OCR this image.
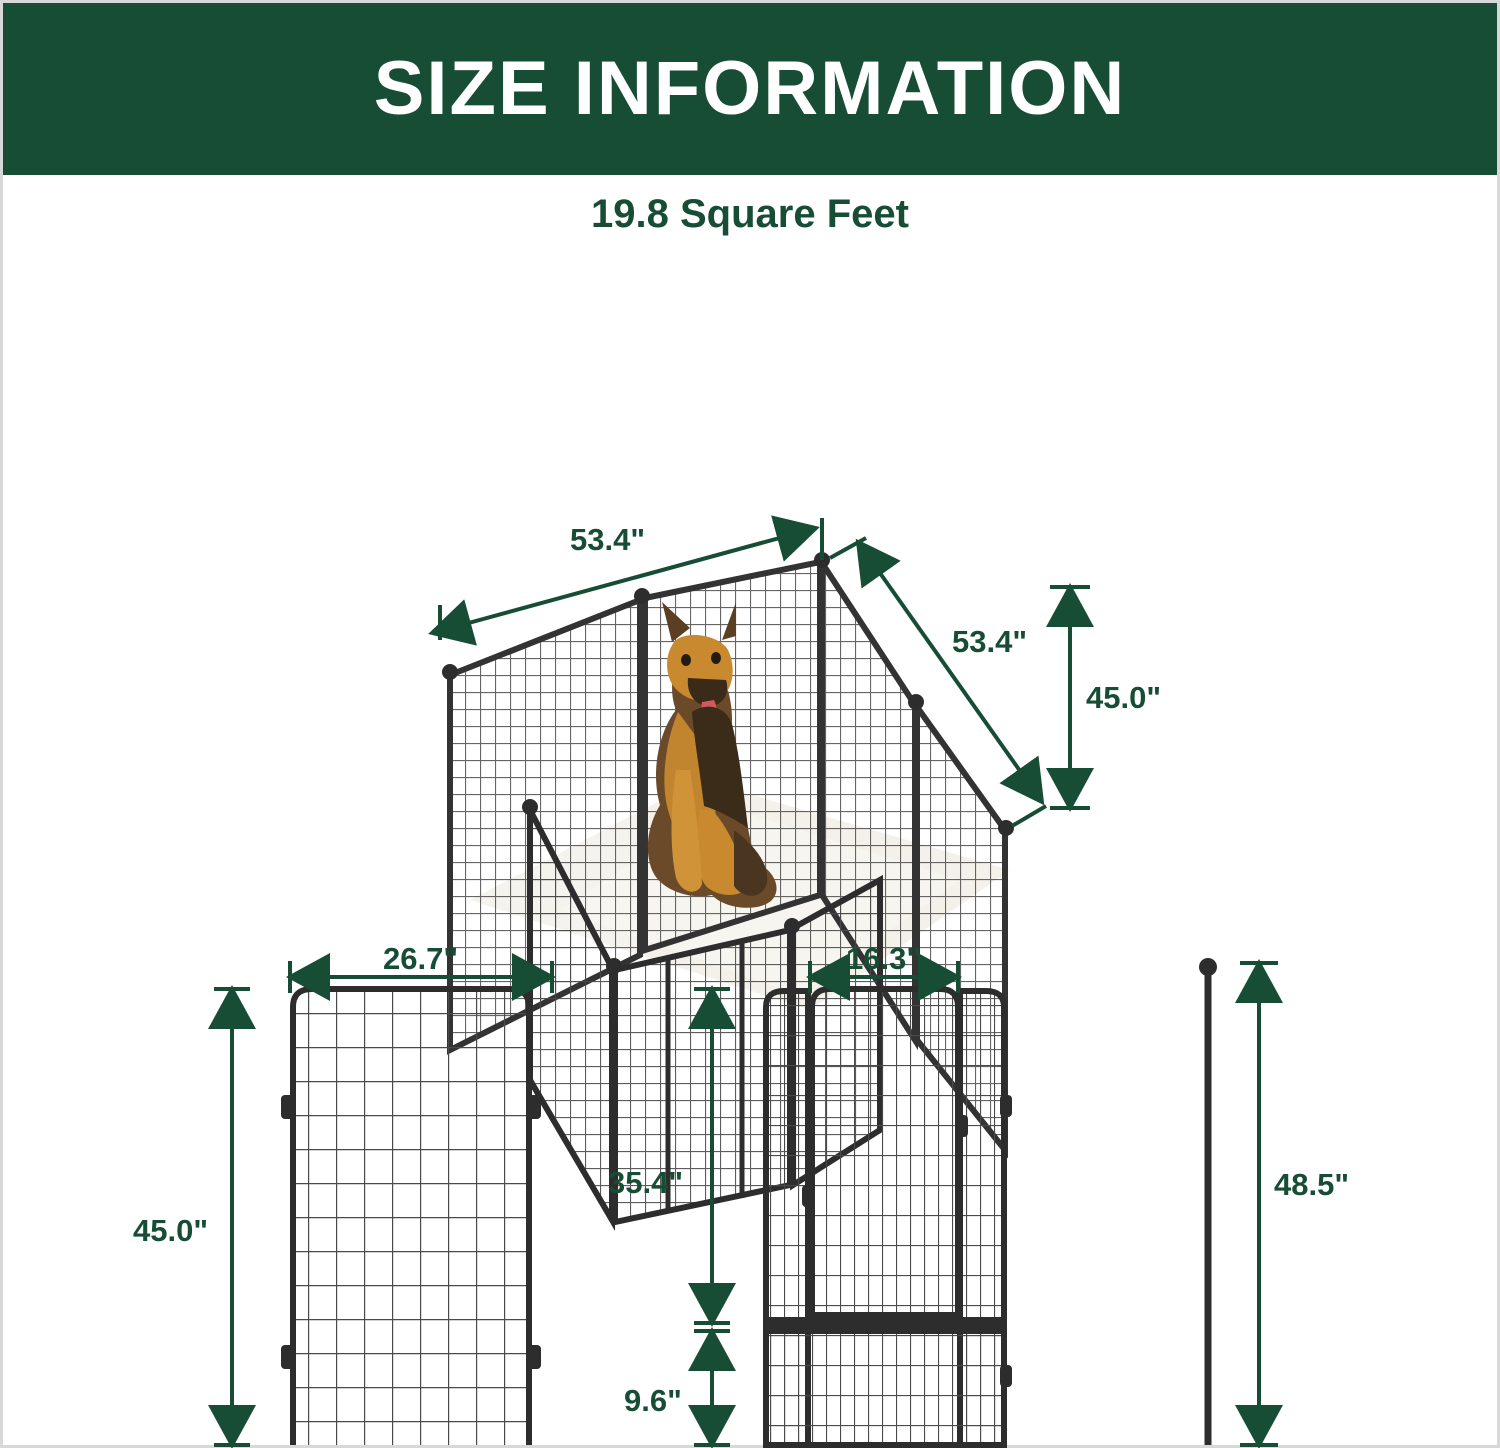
SIZE INFORMATION
19.8 Square Feet
53.4"
53.4"
45.0"
26.7"
45.0"
16.3"
35.4"
9.6"
48.5"
